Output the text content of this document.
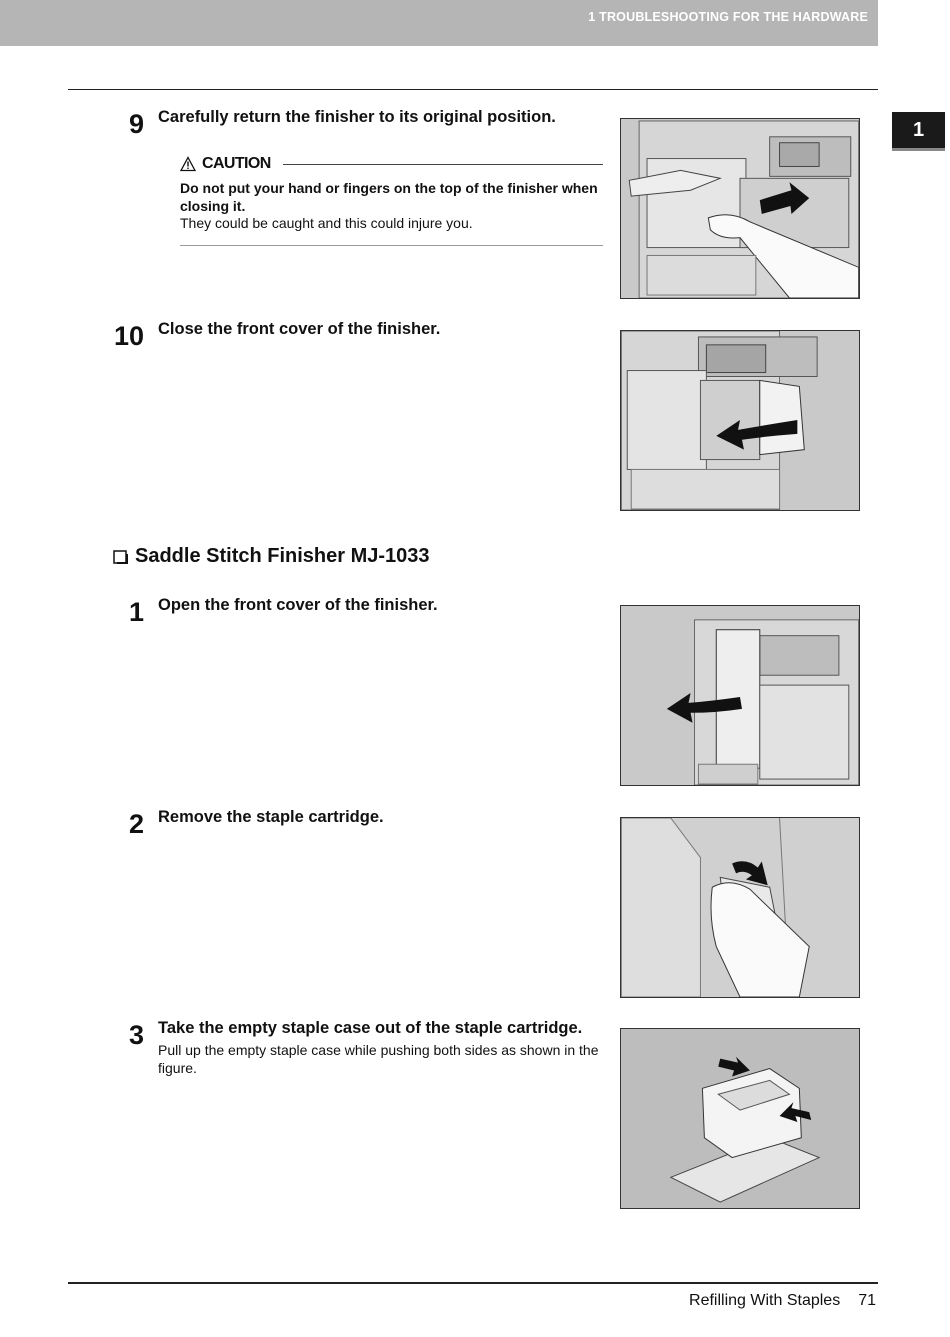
1 TROUBLESHOOTING FOR THE HARDWARE
1
9 Carefully return the finisher to its original position.
CAUTION
Do not put your hand or fingers on the top of the finisher when closing it.
They could be caught and this could injure you.
10 Close the front cover of the finisher.
Saddle Stitch Finisher MJ-1033
1 Open the front cover of the finisher.
2 Remove the staple cartridge.
3 Take the empty staple case out of the staple cartridge.
Pull up the empty staple case while pushing both sides as shown in the figure.
Refilling With Staples 71
